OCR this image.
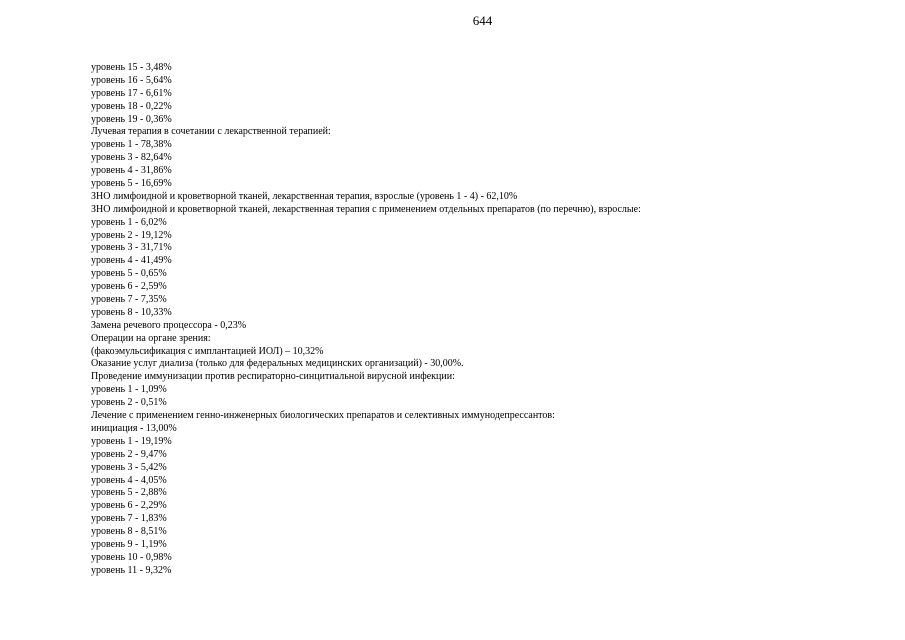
644
уровень 15 - 3,48%
уровень 16 - 5,64%
уровень 17 - 6,61%
уровень 18 - 0,22%
уровень 19 - 0,36%
Лучевая терапия в сочетании с лекарственной терапией:
уровень 1 - 78,38%
уровень 3 - 82,64%
уровень 4 - 31,86%
уровень 5 - 16,69%
ЗНО лимфоидной и кроветворной тканей, лекарственная терапия, взрослые (уровень 1 - 4) - 62,10%
ЗНО лимфоидной и кроветворной тканей, лекарственная терапия с применением отдельных препаратов (по перечню), взрослые:
уровень 1 - 6,02%
уровень 2 - 19,12%
уровень 3 - 31,71%
уровень 4 - 41,49%
уровень 5 - 0,65%
уровень 6 - 2,59%
уровень 7 - 7,35%
уровень 8 - 10,33%
Замена речевого процессора - 0,23%
Операции на органе зрения:
(факоэмульсификация с имплантацией ИОЛ) – 10,32%
Оказание услуг диализа (только для федеральных медицинских организаций) - 30,00%.
Проведение иммунизации против респираторно-синцитиальной вирусной инфекции:
уровень 1 - 1,09%
уровень 2 - 0,51%
Лечение с применением генно-инженерных биологических препаратов и селективных иммунодепрессантов:
инициация - 13,00%
уровень 1 - 19,19%
уровень 2 - 9,47%
уровень 3 - 5,42%
уровень 4 - 4,05%
уровень 5 - 2,88%
уровень 6 - 2,29%
уровень 7 - 1,83%
уровень 8 - 8,51%
уровень 9 - 1,19%
уровень 10 - 0,98%
уровень 11 - 9,32%
